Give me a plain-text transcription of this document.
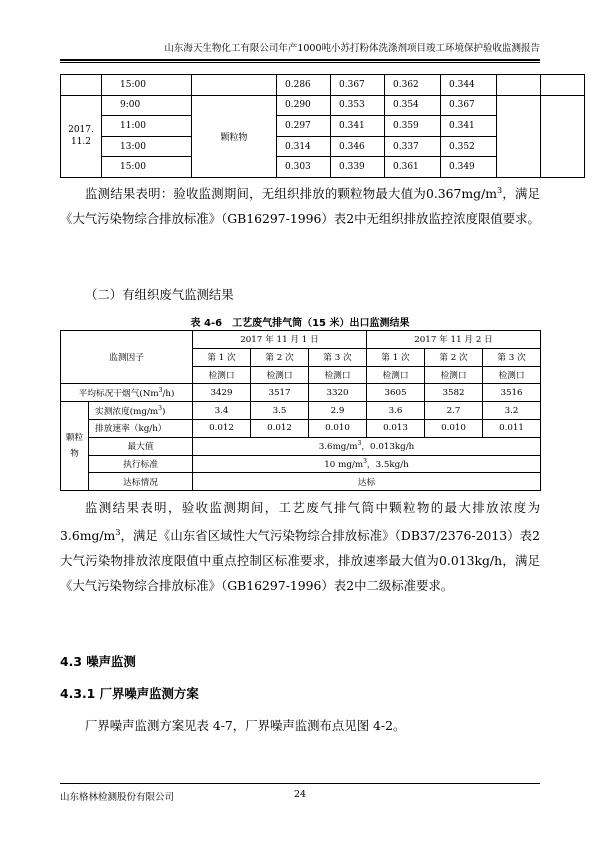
山东海天生物化工有限公司年产1000吨小苏打粉体洗涤剂项目竣工环境保护验收监测报告
	15:00		0.286	0.367	0.362	0.344		
2017.11.2	9:00	颗粒物	0.290	0.353	0.354	0.367		
	11:00		0.297	0.341	0.359	0.341		
	13:00		0.314	0.346	0.337	0.352		
	15:00		0.303	0.339	0.361	0.349		

监测结果表明：验收监测期间，无组织排放的颗粒物最大值为$0.367mg/m^3$，满足《大气污染物综合排放标准》（GB16297-1996）表2中无组织排放监控浓度限值要求。

（二）有组织废气监测结果

表 4-6　工艺废气排气筒（15 米）出口监测结果
监测因子		2017 年 11 月 1 日			2017 年 11 月 2 日		
		第 1 次	第 2 次	第 3 次	第 1 次	第 2 次	第 3 次
		检测口	检测口	检测口	检测口	检测口	检测口
平均标况干烟气(Nm$^3$/h)		3429	3517	3320	3605	3582	3516
颗粒物	实测浓度$(mg/m^3)$	3.4	3.5	2.9	3.6	2.7	3.2
	排放速率（kg/h）	0.012	0.012	0.010	0.013	0.010	0.011
	最大值	$3.6mg/m^3$，0.013kg/h					
	执行标准	10 $mg/m^3$，3.5kg/h					
	达标情况	达标					

监测结果表明，验收监测期间，工艺废气排气筒中颗粒物的最大排放浓度为$3.6mg/m^3$，满足《山东省区域性大气污染物综合排放标准》（DB37/2376-2013）表2大气污染物排放浓度限值中重点控制区标准要求，排放速率最大值为0.013kg/h，满足《大气污染物综合排放标准》（GB16297-1996）表2中二级标准要求。

4.3 噪声监测
4.3.1 厂界噪声监测方案

厂界噪声监测方案见表 4-7，厂界噪声监测布点见图 4-2。

山东格林检测股份有限公司	24
